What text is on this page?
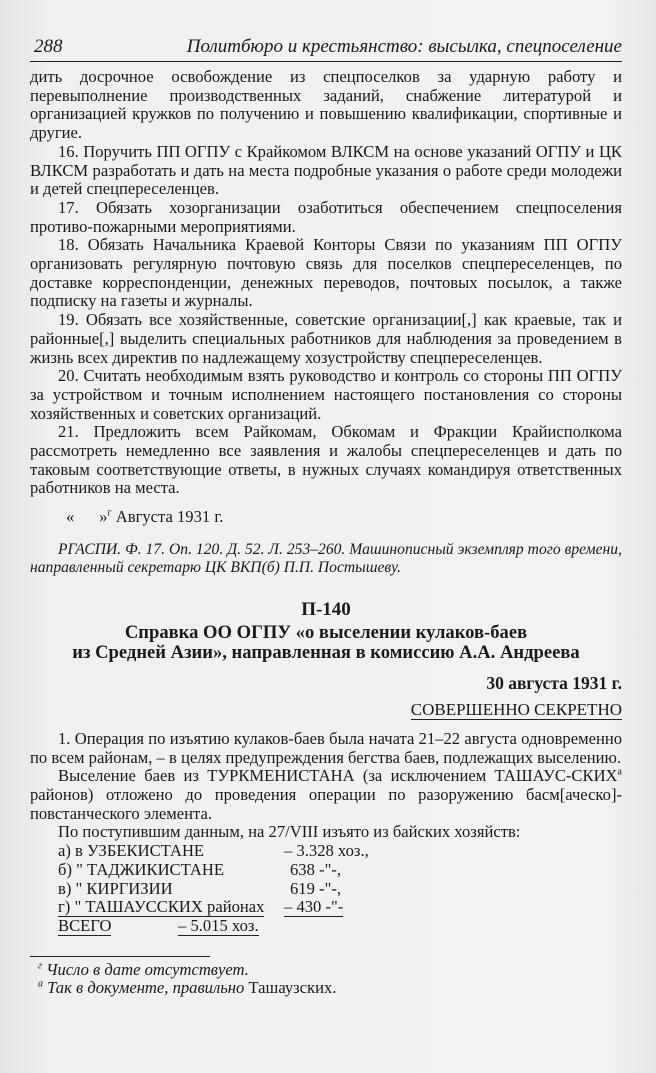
288	Политбюро и крестьянство: высылка, спецпоселение

дить досрочное освобождение из спецпоселков за ударную работу и перевыполнение производственных заданий, снабжение литературой и организацией кружков по получению и повышению квалификации, спортивные и другие.

16. Поручить ПП ОГПУ с Крайкомом ВЛКСМ на основе указаний ОГПУ и ЦК ВЛКСМ разработать и дать на места подробные указания о работе среди молодежи и детей спецпереселенцев.

17. Обязать хозорганизации озаботиться обеспечением спецпоселения противо-пожарными мероприятиями.

18. Обязать Начальника Краевой Конторы Связи по указаниям ПП ОГПУ организовать регулярную почтовую связь для поселков спецпереселенцев, по доставке корреспонденции, денежных переводов, почтовых посылок, а также подписку на газеты и журналы.

19. Обязать все хозяйственные, советские организации[,] как краевые, так и районные[,] выделить специальных работников для наблюдения за проведением в жизнь всех директив по надлежащему хозустройству спецпереселенцев.

20. Считать необходимым взять руководство и контроль со стороны ПП ОГПУ за устройством и точным исполнением настоящего постановления со стороны хозяйственных и советских организаций.

21. Предложить всем Райкомам, Обкомам и Фракции Крайисполкома рассмотреть немедленно все заявления и жалобы спецпереселенцев и дать по таковым соответствующие ответы, в нужных случаях командируя ответственных работников на места.

« »$^г$ Августа 1931 г.

РГАСПИ. Ф. 17. Оп. 120. Д. 52. Л. 253–260. Машинописный экземпляр того времени, направленный секретарю ЦК ВКП(б) П.П. Постышеву.

П-140
Справка ОО ОГПУ «о выселении кулаков-баев
из Средней Азии», направленная в комиссию А.А. Андреева
30 августа 1931 г.
СОВЕРШЕННО СЕКРЕТНО

1. Операция по изъятию кулаков-баев была начата 21–22 августа одновременно по всем районам, – в целях предупреждения бегства баев, подлежащих выселению.

Выселение баев из ТУРКМЕНИСТАНА (за исключением ТАШАУС-$СКИХ^а$ районов) отложено до проведения операции по разоружению басм[аческо]-повстанческого элемента.

По поступившим данным, на 27/VIII изъято из байских хозяйств:

а) в УЗБЕКИСТАНЕ	– 3.328 хоз.,
б) " ТАДЖИКИСТАНЕ	638 -"-,
в) " КИРГИЗИИ	619 -"-,
г) " ТАШАУССКИХ районах	– 430 -"-
ВСЕГО	– 5.015 хоз.

$^г$ Число в дате отсутствует.

$^а$ Так в документе, правильно Ташаузских.
